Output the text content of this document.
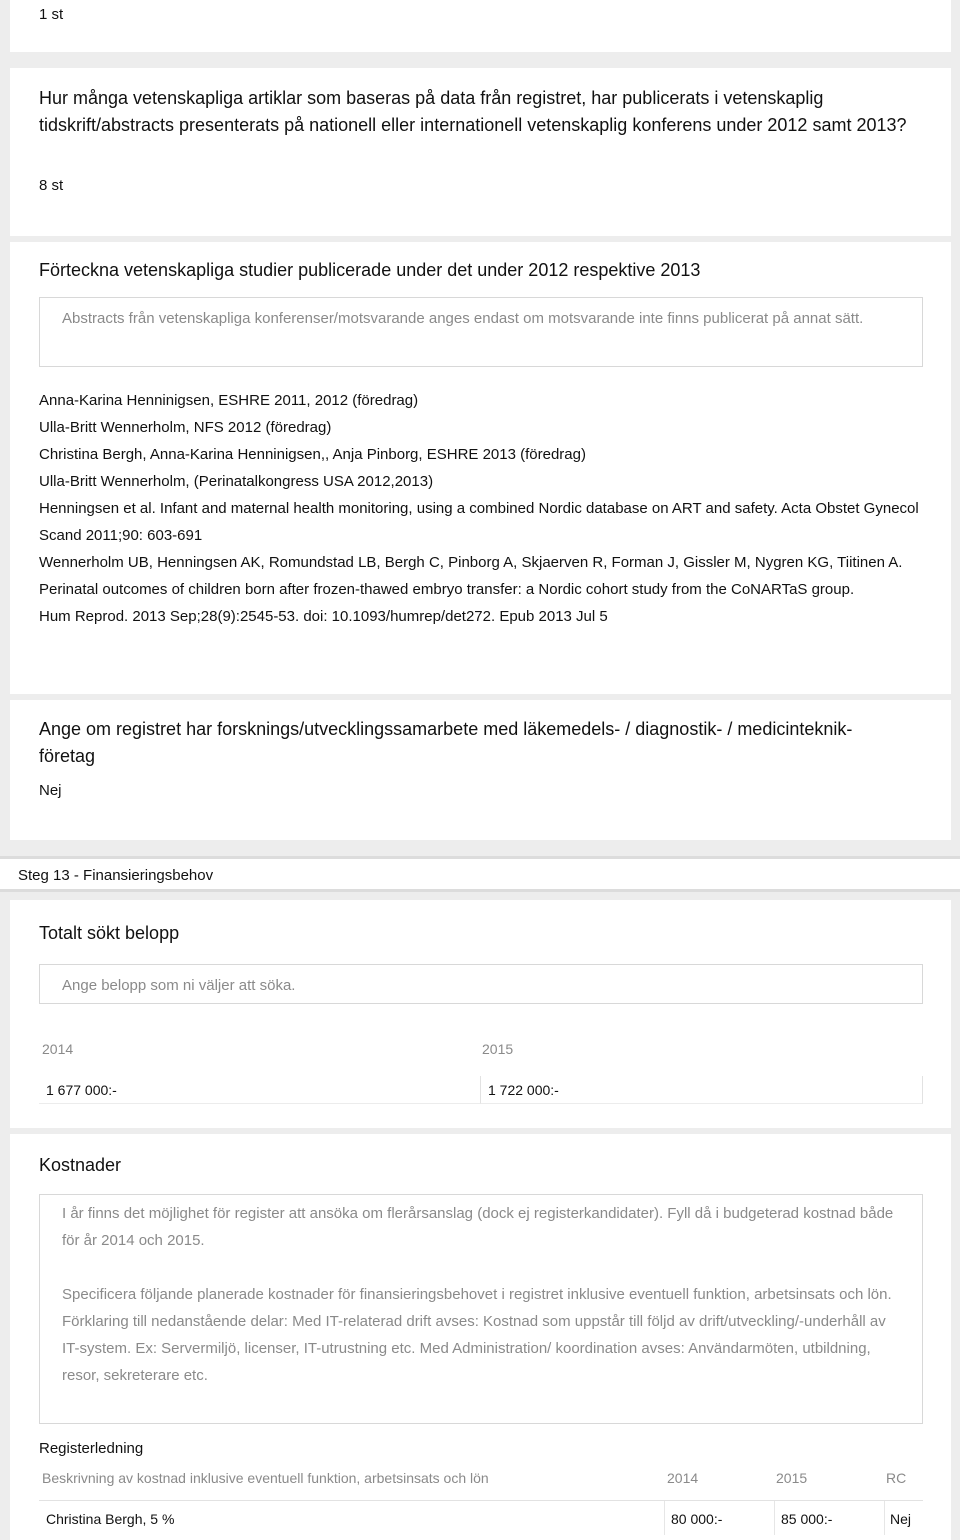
1 st
Hur många vetenskapliga artiklar som baseras på data från registret, har publicerats i vetenskaplig tidskrift/abstracts presenterats på nationell eller internationell vetenskaplig konferens under 2012 samt 2013?
8 st
Förteckna vetenskapliga studier publicerade under det under 2012 respektive 2013
Abstracts från vetenskapliga konferenser/motsvarande anges endast om motsvarande inte finns publicerat på annat sätt.
Anna-Karina Henninigsen, ESHRE 2011, 2012 (föredrag)
Ulla-Britt Wennerholm, NFS 2012 (föredrag)
Christina Bergh, Anna-Karina Henninigsen,, Anja Pinborg, ESHRE 2013 (föredrag)
Ulla-Britt Wennerholm, (Perinatalkongress USA 2012,2013)
Henningsen et al. Infant and maternal health monitoring, using a combined Nordic database on ART and safety. Acta Obstet Gynecol Scand 2011;90: 603-691
Wennerholm UB, Henningsen AK, Romundstad LB, Bergh C, Pinborg A, Skjaerven R, Forman J, Gissler M, Nygren KG, Tiitinen A. Perinatal outcomes of children born after frozen-thawed embryo transfer: a Nordic cohort study from the CoNARTaS group.
Hum Reprod. 2013 Sep;28(9):2545-53. doi: 10.1093/humrep/det272. Epub 2013 Jul 5
Ange om registret har forsknings/utvecklingssamarbete med läkemedels- / diagnostik- / medicinteknik-företag
Nej
Steg 13 - Finansieringsbehov
Totalt sökt belopp
Ange belopp som ni väljer att söka.
2014	2015
1 677 000:-	1 722 000:-
Kostnader
I år finns det möjlighet för register att ansöka om flerårsanslag (dock ej registerkandidater). Fyll då i budgeterad kostnad både för år 2014 och 2015.
Specificera följande planerade kostnader för finansieringsbehovet i registret inklusive eventuell funktion, arbetsinsats och lön. Förklaring till nedanstående delar: Med IT-relaterad drift avses: Kostnad som uppstår till följd av drift/utveckling/-underhåll av IT-system. Ex: Servermiljö, licenser, IT-utrustning etc. Med Administration/ koordination avses: Användarmöten, utbildning, resor, sekreterare etc.
Registerledning
Beskrivning av kostnad inklusive eventuell funktion, arbetsinsats och lön	2014	2015	RC
Christina Bergh, 5 %	80 000:-	85 000:-	Nej
